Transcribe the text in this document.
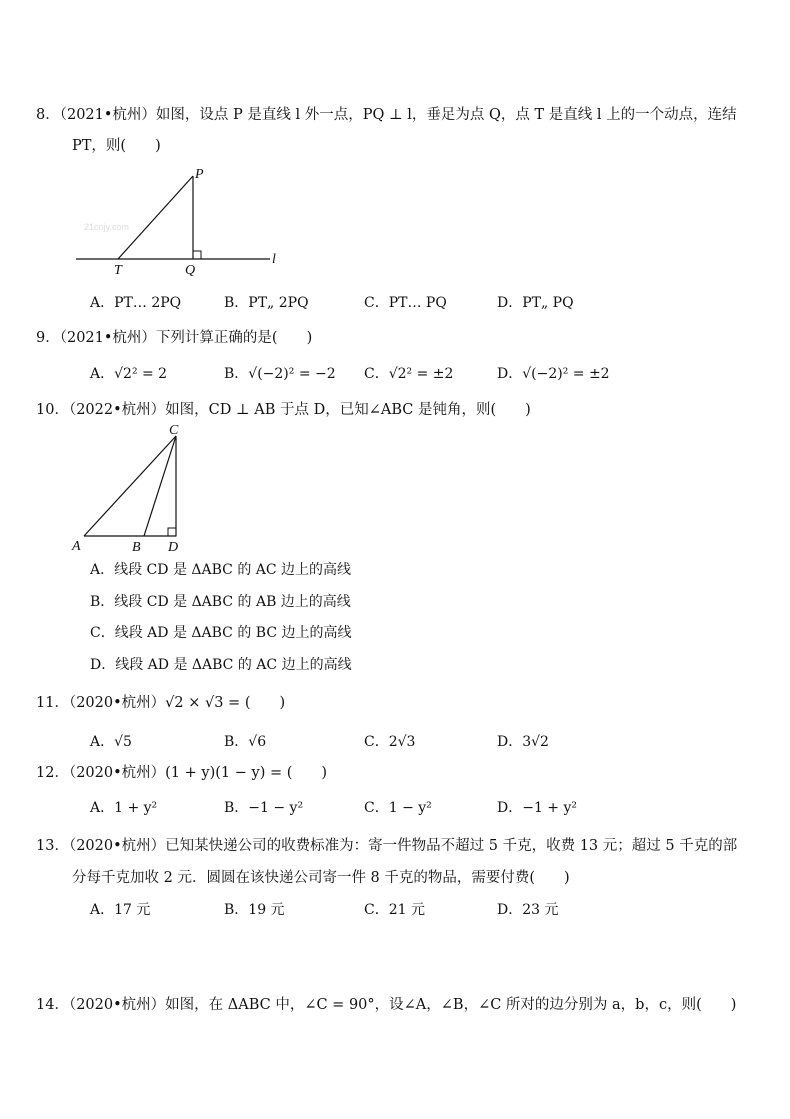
8．（2021•杭州）如图，设点 P 是直线 l 外一点，PQ ⊥ l，垂足为点 Q，点 T 是直线 l 上的一个动点，连结
PT，则(　　)
21cnjy.com
P
T	Q
l
A．PT… 2PQ	B．PT„ 2PQ	C．PT… PQ	D．PT„ PQ
9．（2021•杭州）下列计算正确的是(　　)
A．√2² = 2	B．√(−2)² = −2 C．√2² = ±2	D．√(−2)² = ±2
10．（2022•杭州）如图，CD ⊥ AB 于点 D，已知∠ABC 是钝角，则(　　)
C
A	B D
A．线段 CD 是 ΔABC 的 AC 边上的高线
B．线段 CD 是 ΔABC 的 AB 边上的高线
C．线段 AD 是 ΔABC 的 BC 边上的高线
D．线段 AD 是 ΔABC 的 AC 边上的高线
11．（2020•杭州）√2 × √3 = (　　)
A．√5	B．√6	C．2√3	D．3√2
12．（2020•杭州）(1 + y)(1 − y) = (　　)
A．1 + y²	B．−1 − y²	C．1 − y²	D．−1 + y²
13．（2020•杭州）已知某快递公司的收费标准为：寄一件物品不超过 5 千克，收费 13 元；超过 5 千克的部
分每千克加收 2 元．圆圆在该快递公司寄一件 8 千克的物品，需要付费(　　)
A．17 元	B．19 元	C．21 元	D．23 元
14．（2020•杭州）如图，在 ΔABC 中，∠C = 90°，设∠A，∠B，∠C 所对的边分别为 a，b，c，则(　　)
